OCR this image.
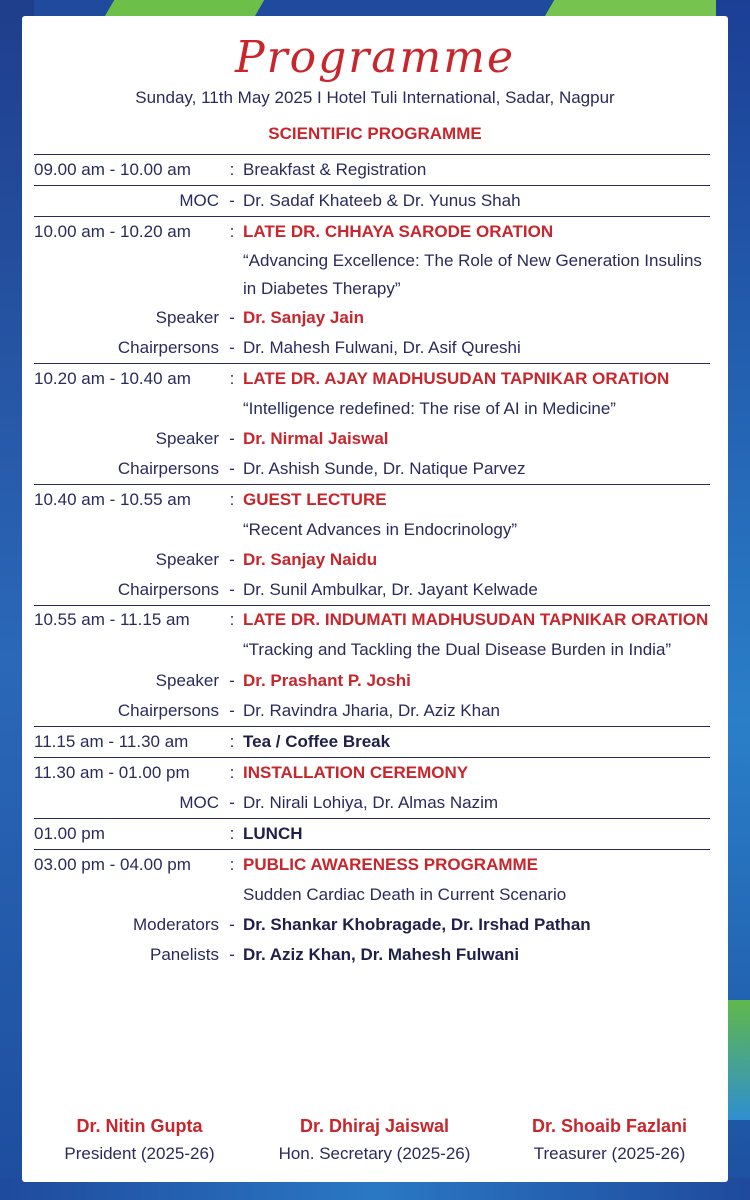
Programme
Sunday, 11th May 2025 I Hotel Tuli International, Sadar, Nagpur
SCIENTIFIC PROGRAMME
09.00 am - 10.00 am	: Breakfast & Registration
MOC - Dr. Sadaf Khateeb & Dr. Yunus Shah
10.00 am - 10.20 am	: LATE DR. CHHAYA SARODE ORATION
“Advancing Excellence: The Role of New Generation Insulins in Diabetes Therapy”
Speaker - Dr. Sanjay Jain
Chairpersons - Dr. Mahesh Fulwani, Dr. Asif Qureshi
10.20 am - 10.40 am	: LATE DR. AJAY MADHUSUDAN TAPNIKAR ORATION
“Intelligence redefined: The rise of AI in Medicine”
Speaker - Dr. Nirmal Jaiswal
Chairpersons - Dr. Ashish Sunde, Dr. Natique Parvez
10.40 am - 10.55 am	: GUEST LECTURE
“Recent Advances in Endocrinology”
Speaker - Dr. Sanjay Naidu
Chairpersons - Dr. Sunil Ambulkar, Dr. Jayant Kelwade
10.55 am - 11.15 am	: LATE DR. INDUMATI MADHUSUDAN TAPNIKAR ORATION
“Tracking and Tackling the Dual Disease Burden in India”
Speaker - Dr. Prashant P. Joshi
Chairpersons - Dr. Ravindra Jharia, Dr. Aziz Khan
11.15 am - 11.30 am	: Tea / Coffee Break
11.30 am - 01.00 pm	: INSTALLATION CEREMONY
MOC - Dr. Nirali Lohiya, Dr. Almas Nazim
01.00 pm	: LUNCH
03.00 pm - 04.00 pm	: PUBLIC AWARENESS PROGRAMME
Sudden Cardiac Death in Current Scenario
Moderators - Dr. Shankar Khobragade, Dr. Irshad Pathan
Panelists - Dr. Aziz Khan, Dr. Mahesh Fulwani
Dr. Nitin Gupta
President (2025-26)
Dr. Dhiraj Jaiswal
Hon. Secretary (2025-26)
Dr. Shoaib Fazlani
Treasurer (2025-26)
